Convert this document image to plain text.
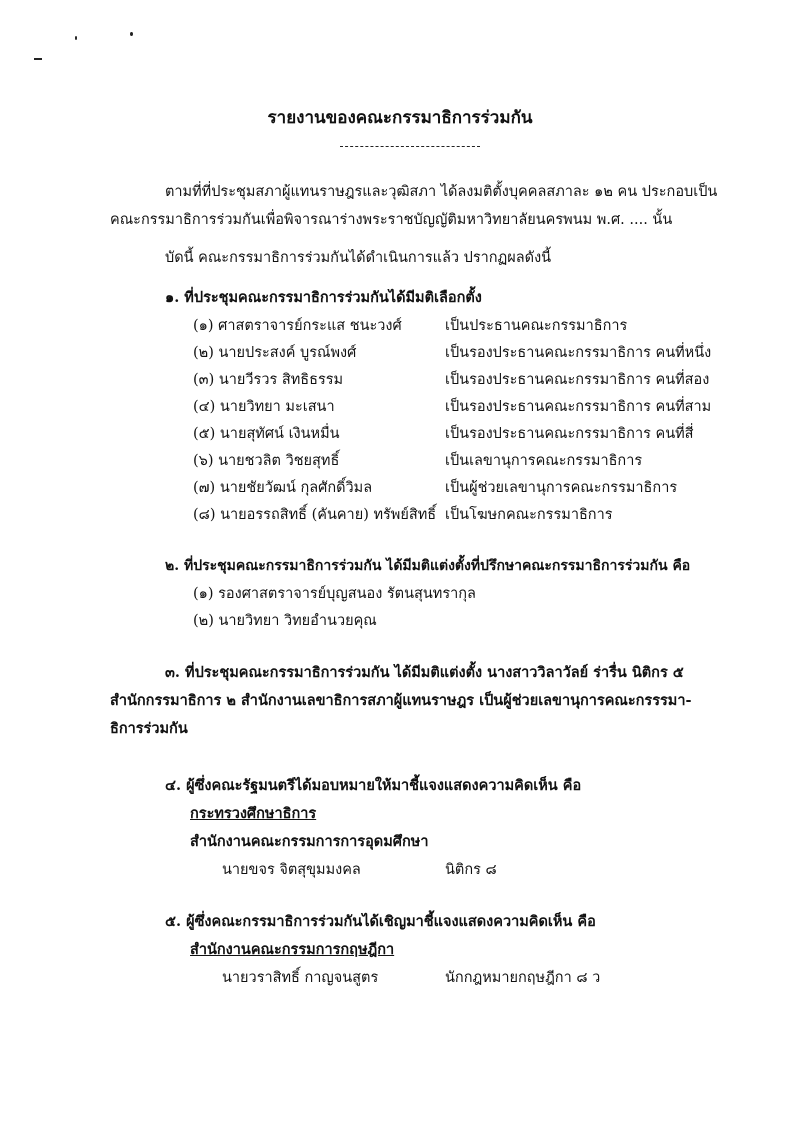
รายงานของคณะกรรมาธิการร่วมกัน
ตามที่ที่ประชุมสภาผู้แทนราษฎรและวุฒิสภา ได้ลงมติตั้งบุคคลสภาละ ๑๒ คน ประกอบเป็น
คณะกรรมาธิการร่วมกันเพื่อพิจารณาร่างพระราชบัญญัติมหาวิทยาลัยนครพนม พ.ศ. .... นั้น
บัดนี้ คณะกรรมาธิการร่วมกันได้ดำเนินการแล้ว ปรากฏผลดังนี้
๑. ที่ประชุมคณะกรรมาธิการร่วมกันได้มีมติเลือกตั้ง
(๑) ศาสตราจารย์กระแส ชนะวงศ์	เป็นประธานคณะกรรมาธิการ
(๒) นายประสงค์ บูรณ์พงศ์	เป็นรองประธานคณะกรรมาธิการ คนที่หนึ่ง
(๓) นายวีรวร สิทธิธรรม	เป็นรองประธานคณะกรรมาธิการ คนที่สอง
(๔) นายวิทยา มะเสนา	เป็นรองประธานคณะกรรมาธิการ คนที่สาม
(๕) นายสุทัศน์ เงินหมื่น	เป็นรองประธานคณะกรรมาธิการ คนที่สี่
(๖) นายชวลิต วิชยสุทธิ์	เป็นเลขานุการคณะกรรมาธิการ
(๗) นายชัยวัฒน์ กุลศักดิ์วิมล	เป็นผู้ช่วยเลขานุการคณะกรรมาธิการ
(๘) นายอรรถสิทธิ์ (คันคาย) ทรัพย์สิทธิ์ เป็นโฆษกคณะกรรมาธิการ
๒. ที่ประชุมคณะกรรมาธิการร่วมกัน ได้มีมติแต่งตั้งที่ปรึกษาคณะกรรมาธิการร่วมกัน คือ
(๑) รองศาสตราจารย์บุญสนอง รัตนสุนทรากุล
(๒) นายวิทยา วิทยอำนวยคุณ
๓. ที่ประชุมคณะกรรมาธิการร่วมกัน ได้มีมติแต่งตั้ง นางสาววิลาวัลย์ ร่ารื่น นิติกร ๕
สำนักกรรมาธิการ ๒ สำนักงานเลขาธิการสภาผู้แทนราษฎร เป็นผู้ช่วยเลขานุการคณะกรรรมา-
ธิการร่วมกัน
๔. ผู้ซึ่งคณะรัฐมนตรีได้มอบหมายให้มาชี้แจงแสดงความคิดเห็น คือ
กระทรวงศึกษาธิการ
สำนักงานคณะกรรมการการอุดมศึกษา
นายขจร จิตสุขุมมงคล	นิติกร ๘
๕. ผู้ซึ่งคณะกรรมาธิการร่วมกันได้เชิญมาชี้แจงแสดงความคิดเห็น คือ
สำนักงานคณะกรรมการกฤษฎีกา
นายวราสิทธิ์ กาญจนสูตร	นักกฎหมายกฤษฎีกา ๘ ว
